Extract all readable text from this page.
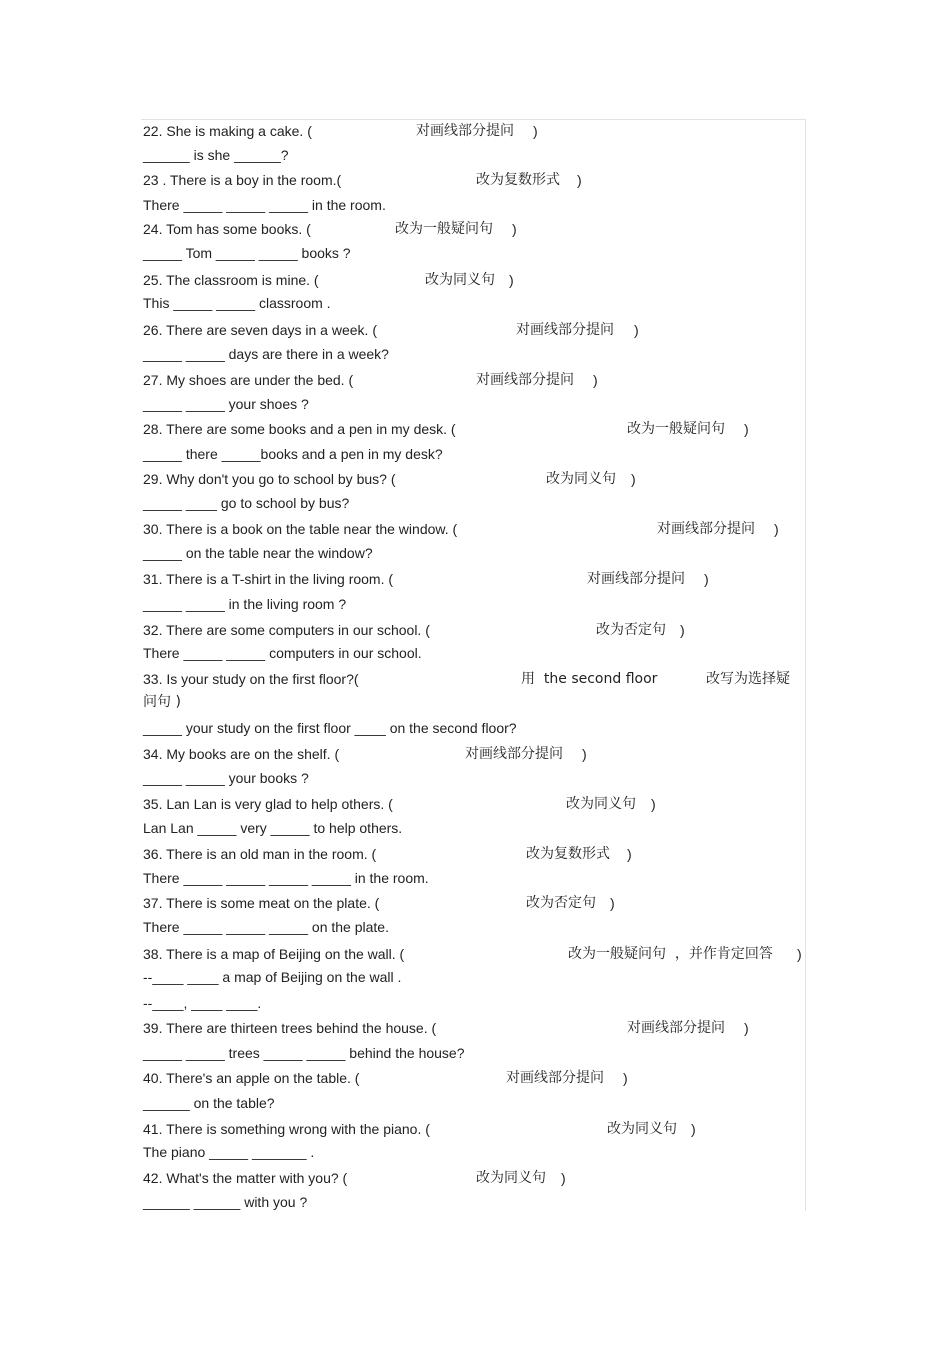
22. She is making a cake. (	对画线部分提问 )
______ is she ______?
23 . There is a boy in the room.(	改为复数形式 )
There _____ _____ _____ in the room.
24. Tom has some books. (	改为一般疑问句 )
_____ Tom _____ _____ books ?
25. The classroom is mine. (	改为同义句 )
This _____ _____ classroom .
26. There are seven days in a week. (	对画线部分提问 )
_____ _____ days are there in a week?
27. My shoes are under the bed. (	对画线部分提问 )
_____ _____ your shoes ?
28. There are some books and a pen in my desk. (	改为一般疑问句 )
_____ there _____books and a pen in my desk?
29. Why don't you go to school by bus? (	改为同义句 )
_____ ____ go to school by bus?
30. There is a book on the table near the window. (	对画线部分提问 )
_____ on the table near the window?
31. There is a T-shirt in the living room. (	对画线部分提问 )
_____ _____ in the living room ?
32. There are some computers in our school. (	改为否定句 )
There _____ _____ computers in our school.
33. Is your study on the first floor?(	用  the second floor	改写为选择疑
问句 )
_____ your study on the first floor ____ on the second floor?
34. My books are on the shelf. (	对画线部分提问 )
_____ _____ your books ?
35. Lan Lan is very glad to help others. (	改为同义句 )
Lan Lan _____ very _____ to help others.
36. There is an old man in the room. (	改为复数形式 )
There _____ _____ _____ _____ in the room.
37. There is some meat on the plate. (	改为否定句 )
There _____ _____ _____ on the plate.
38. There is a map of Beijing on the wall. (	改为一般疑问句  ，并作肯定回答 )
--____ ____ a map of Beijing on the wall .
--____, ____ ____.
39. There are thirteen trees behind the house. (	对画线部分提问 )
_____ _____ trees _____ _____ behind the house?
40. There's an apple on the table. (	对画线部分提问 )
______ on the table?
41. There is something wrong with the piano. (	改为同义句 )
The piano _____ _______ .
42. What's the matter with you? (	改为同义句 )
______ ______ with you ?
